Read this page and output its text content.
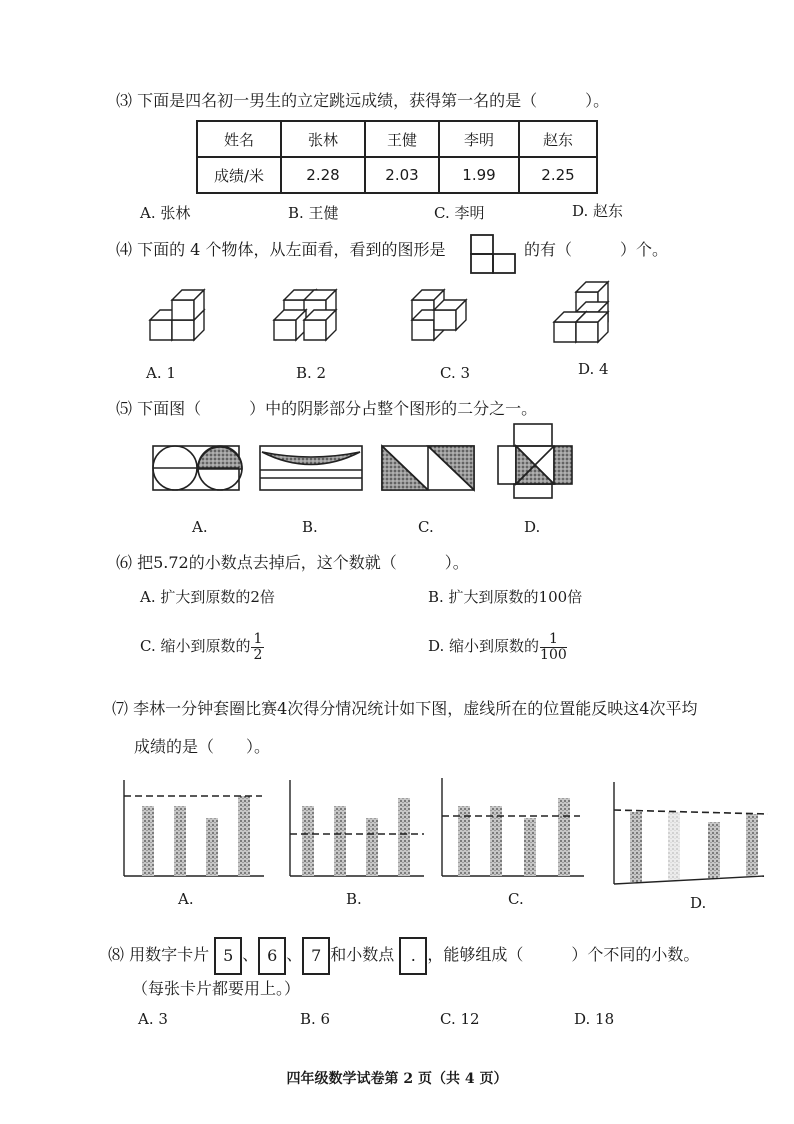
⑶ 下面是四名初一男生的立定跳远成绩，获得第一名的是（　　　）。
姓名	张林	王健	李明	赵东
成绩/米	2.28	2.03	1.99	2.25
A. 张林	B. 王健	C. 李明	D. 赵东
⑷ 下面的 4 个物体，从左面看，看到的图形是	的有（　　　）个。
A. 1	B. 2	C. 3	D. 4
⑸ 下面图（　　　）中的阴影部分占整个图形的二分之一。
A.	B.	C.	D.
⑹ 把5.72的小数点去掉后，这个数就（　　　）。
A. 扩大到原数的2倍	B. 扩大到原数的100倍
C. 缩小到原数的 $\frac{1}{2}$	D. 缩小到原数的 $\frac{1}{100}$
⑺ 李林一分钟套圈比赛4次得分情况统计如下图，虚线所在的位置能反映这4次平均
成绩的是（　　）。
A.	B.	C.	D.
⑻ 用数字卡片 5 、 6 、 7 和小数点 . ，能够组成（　　　）个不同的小数。
（每张卡片都要用上。）
A. 3	B. 6	C. 12	D. 18
四年级数学试卷第 2 页（共 4 页）
